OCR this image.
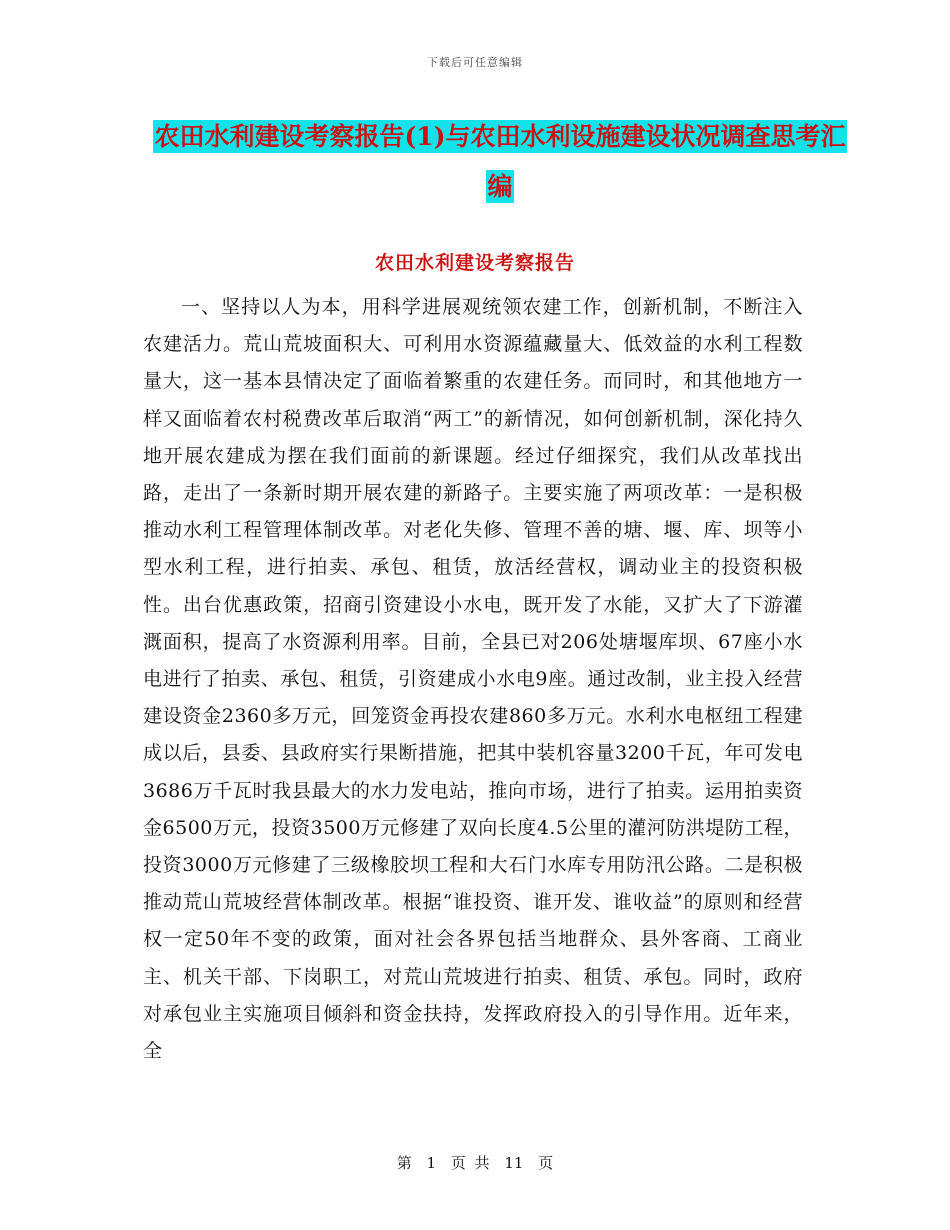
下载后可任意编辑
农田水利建设考察报告(1)与农田水利设施建设状况调查思考汇编
农田水利建设考察报告

一、坚持以人为本，用科学进展观统领农建工作，创新机制，不断注入农建活力。荒山荒坡面积大、可利用水资源蕴藏量大、低效益的水利工程数量大，这一基本县情决定了面临着繁重的农建任务。而同时，和其他地方一样又面临着农村税费改革后取消“两工”的新情况，如何创新机制，深化持久地开展农建成为摆在我们面前的新课题。经过仔细探究，我们从改革找出路，走出了一条新时期开展农建的新路子。主要实施了两项改革：一是积极推动水利工程管理体制改革。对老化失修、管理不善的塘、堰、库、坝等小型水利工程，进行拍卖、承包、租赁，放活经营权，调动业主的投资积极性。出台优惠政策，招商引资建设小水电，既开发了水能，又扩大了下游灌溉面积，提高了水资源利用率。目前，全县已对206处塘堰库坝、67座小水电进行了拍卖、承包、租赁，引资建成小水电9座。通过改制，业主投入经营建设资金2360多万元，回笼资金再投农建860多万元。水利水电枢纽工程建成以后，县委、县政府实行果断措施，把其中装机容量3200千瓦，年可发电3686万千瓦时我县最大的水力发电站，推向市场，进行了拍卖。运用拍卖资金6500万元，投资3500万元修建了双向长度4.5公里的灌河防洪堤防工程，投资3000万元修建了三级橡胶坝工程和大石门水库专用防汛公路。二是积极推动荒山荒坡经营体制改革。根据“谁投资、谁开发、谁收益”的原则和经营权一定50年不变的政策，面对社会各界包括当地群众、县外客商、工商业主、机关干部、下岗职工，对荒山荒坡进行拍卖、租赁、承包。同时，政府对承包业主实施项目倾斜和资金扶持，发挥政府投入的引导作用。近年来，全

第 1 页 共 11 页
